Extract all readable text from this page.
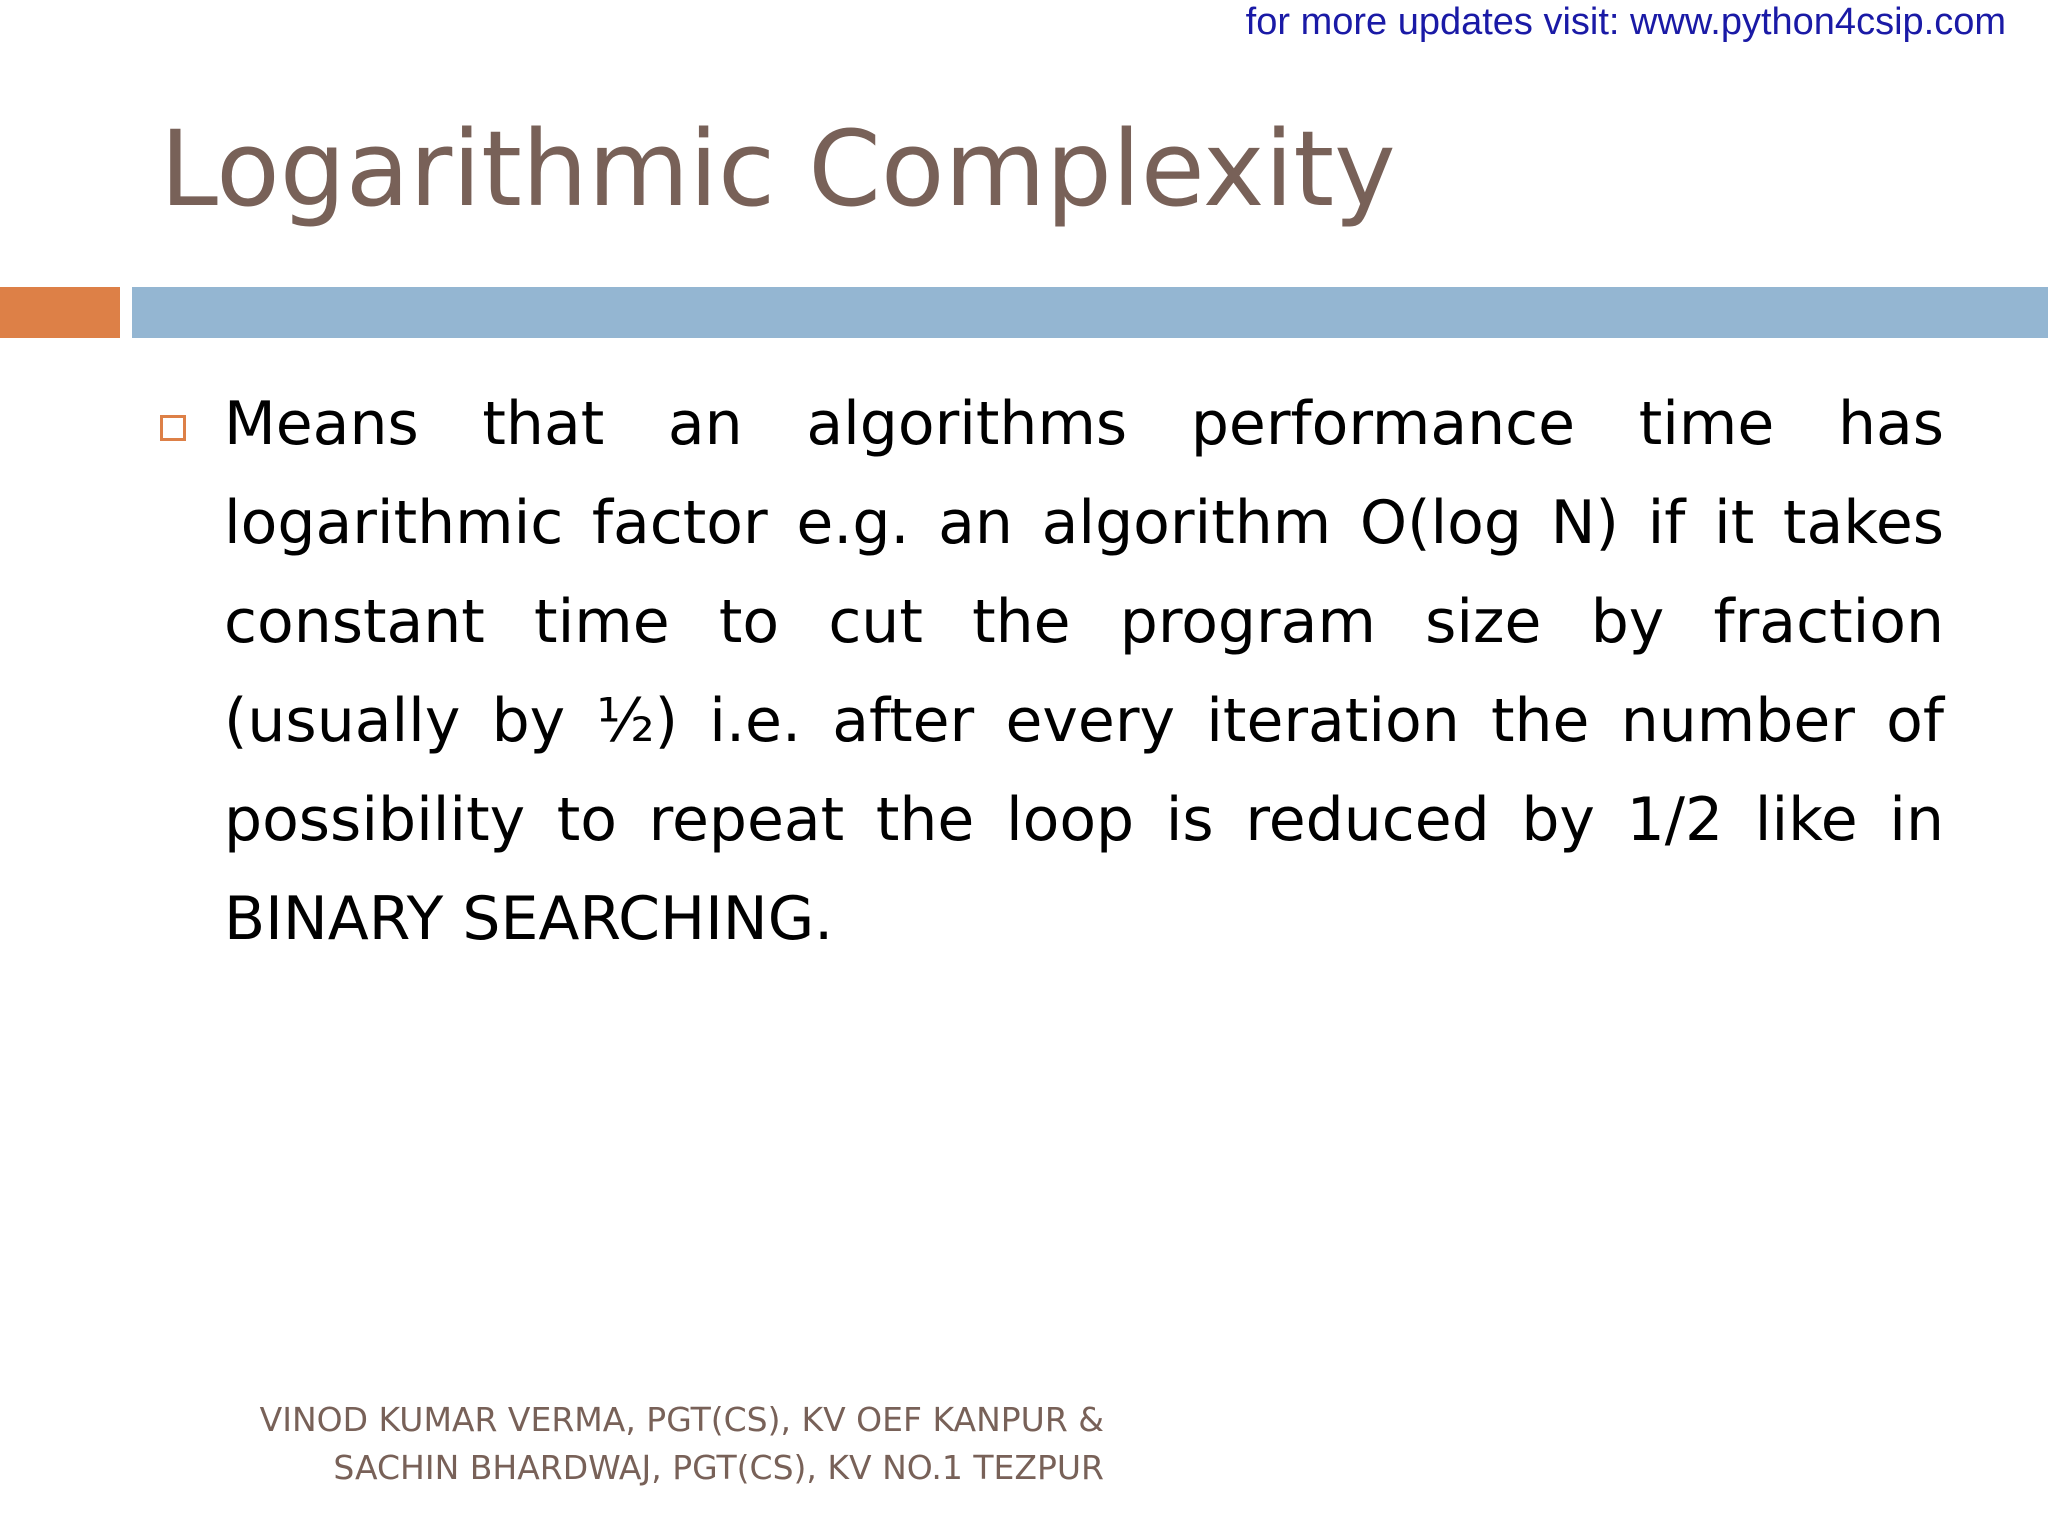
for more updates visit: www.python4csip.com
Logarithmic Complexity
Means that an algorithms performance time has logarithmic factor e.g. an algorithm O(log N) if it takes constant time to cut the program size by fraction (usually by ½) i.e. after every iteration the number of possibility to repeat the loop is reduced by 1/2 like in BINARY SEARCHING.
VINOD KUMAR VERMA, PGT(CS), KV OEF KANPUR &
SACHIN BHARDWAJ, PGT(CS), KV NO.1 TEZPUR
